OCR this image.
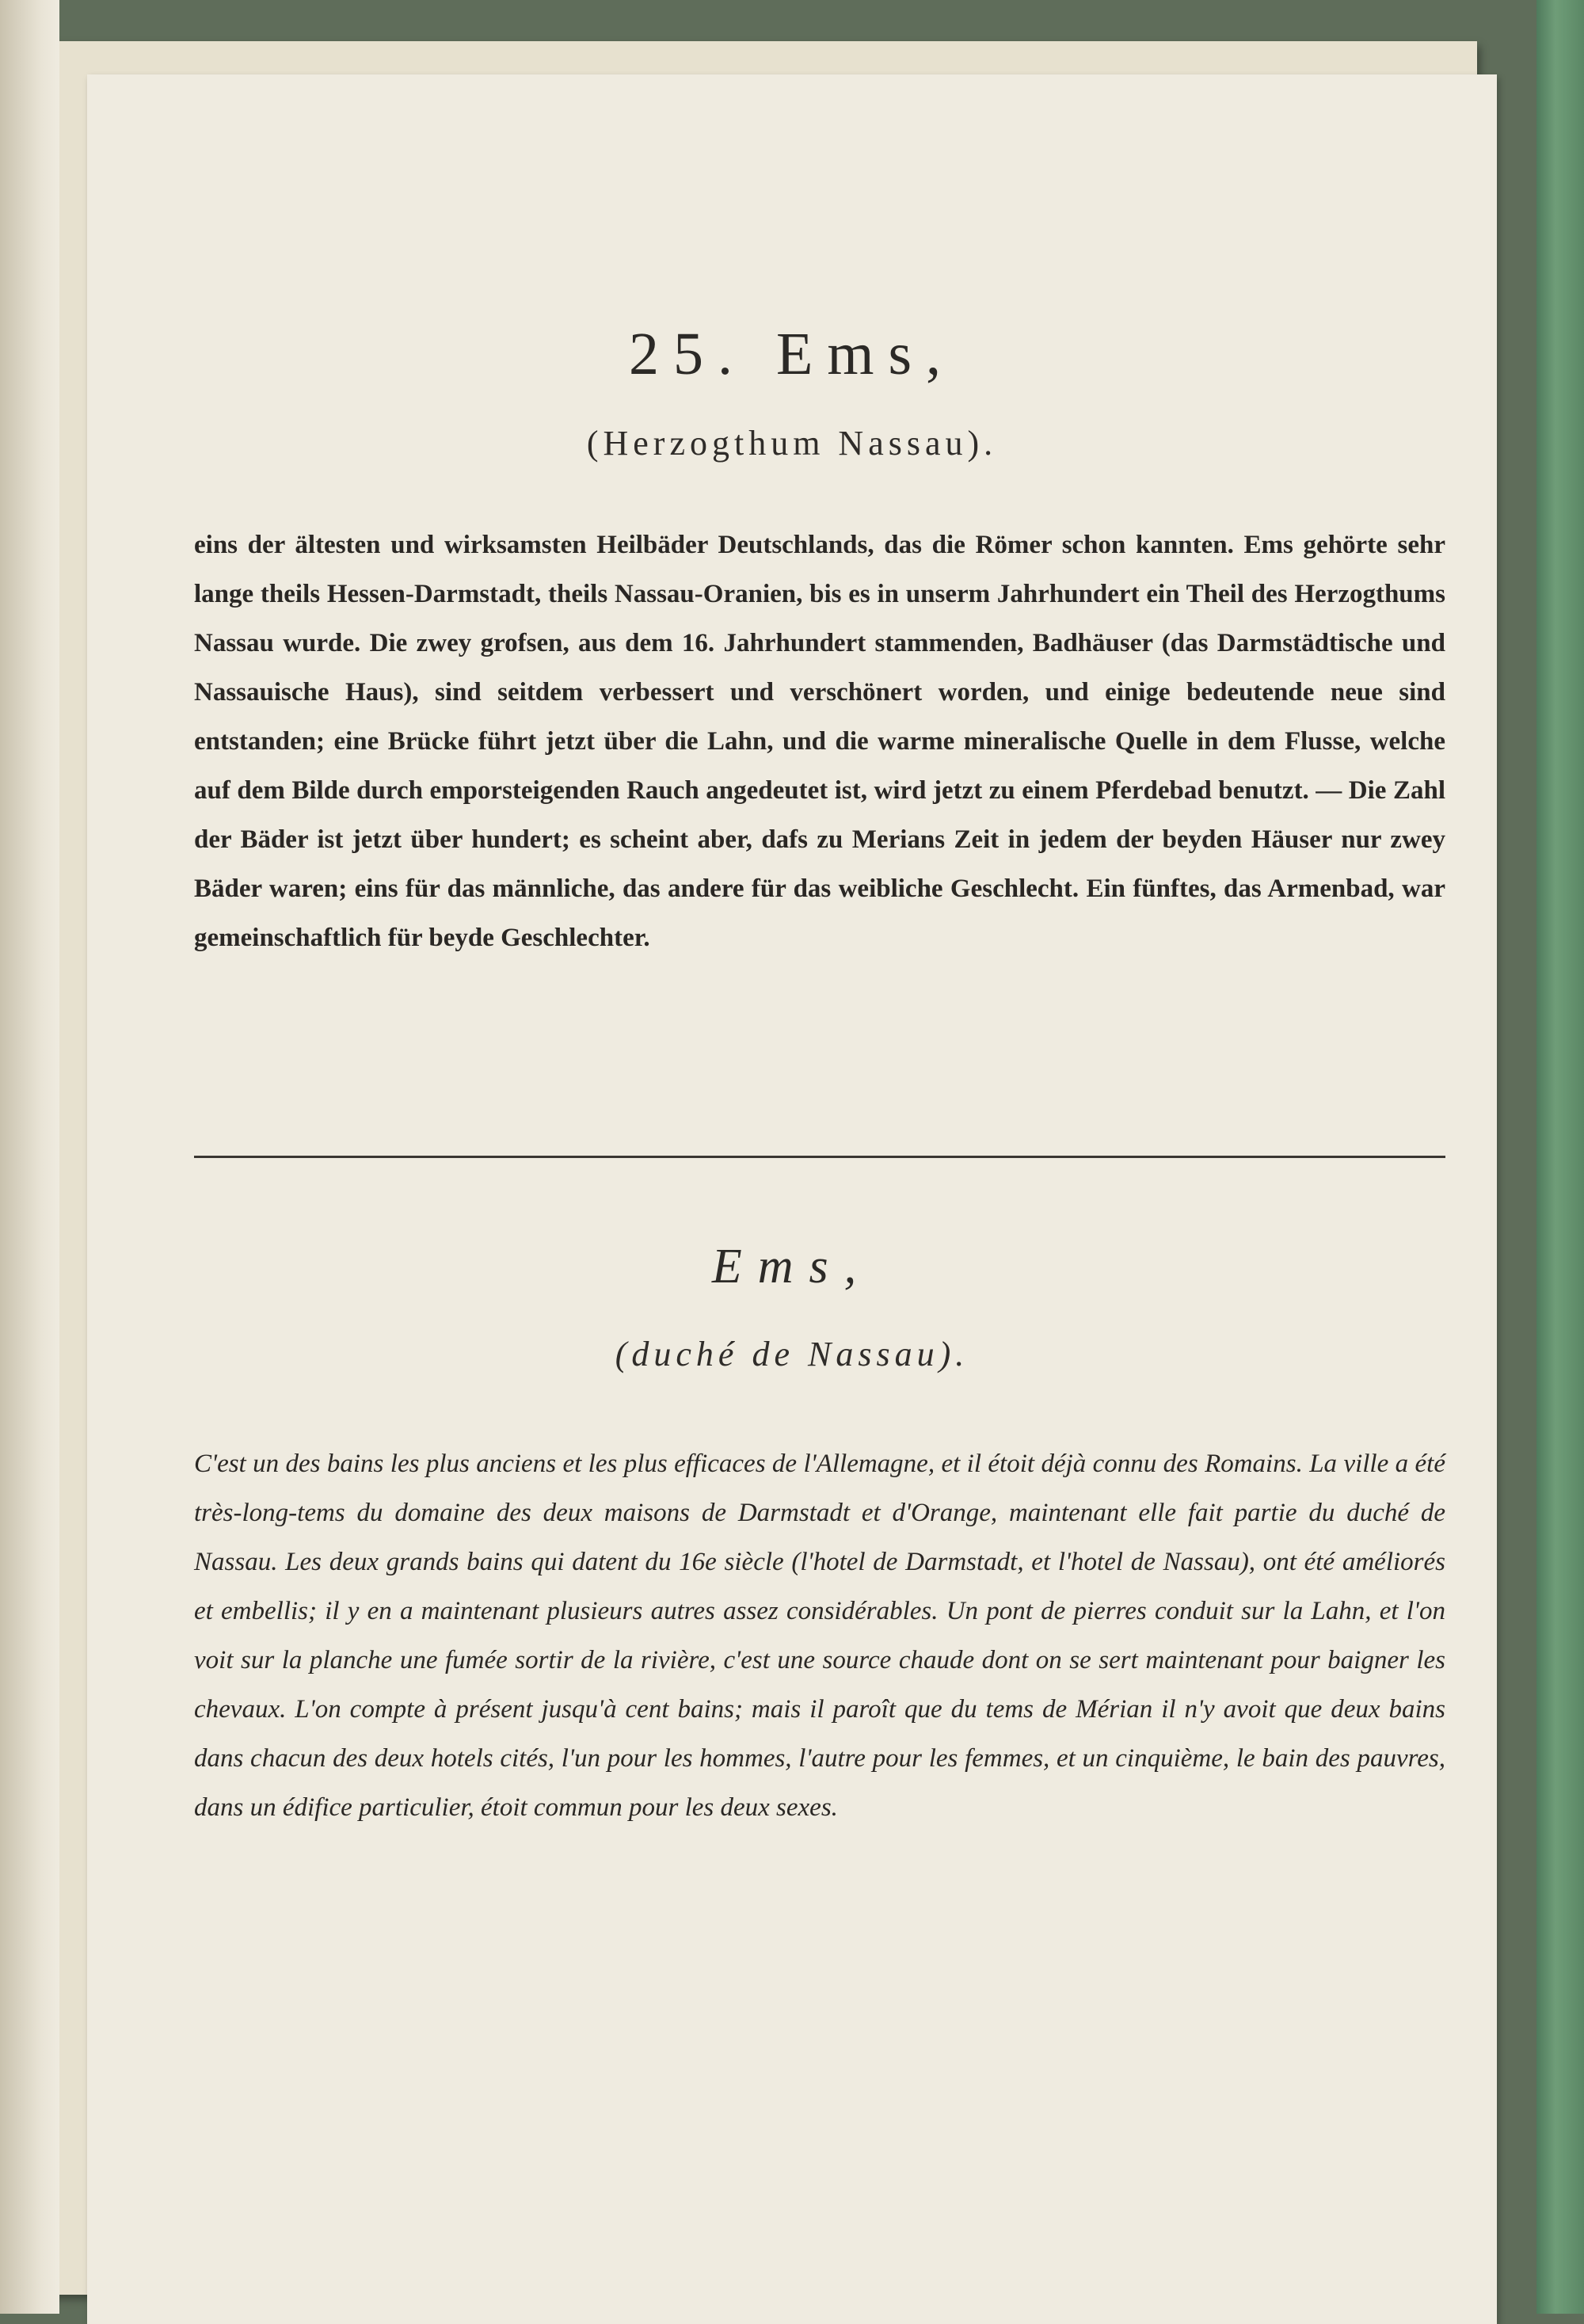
25. Ems,
(Herzogthum Nassau).

eins der ältesten und wirksamsten Heilbäder Deutschlands, das die Römer schon kannten. Ems gehörte sehr lange theils Hessen-Darmstadt, theils Nassau-Oranien, bis es in unserm Jahrhundert ein Theil des Herzogthums Nassau wurde. Die zwey grofsen, aus dem 16. Jahrhundert stammenden, Badhäuser (das Darmstädtische und Nassauische Haus), sind seitdem verbessert und verschönert worden, und einige bedeutende neue sind entstanden; eine Brücke führt jetzt über die Lahn, und die warme mineralische Quelle in dem Flusse, welche auf dem Bilde durch emporsteigenden Rauch angedeutet ist, wird jetzt zu einem Pferdebad benutzt. — Die Zahl der Bäder ist jetzt über hundert; es scheint aber, dafs zu Merians Zeit in jedem der beyden Häuser nur zwey Bäder waren; eins für das männliche, das andere für das weibliche Geschlecht. Ein fünftes, das Armenbad, war gemeinschaftlich für beyde Geschlechter.

Ems,
(duché de Nassau).

C'est un des bains les plus anciens et les plus efficaces de l'Allemagne, et il étoit déjà connu des Romains. La ville a été très-long-tems du domaine des deux maisons de Darmstadt et d'Orange, maintenant elle fait partie du duché de Nassau. Les deux grands bains qui datent du 16e siècle (l'hotel de Darmstadt, et l'hotel de Nassau), ont été améliorés et embellis; il y en a maintenant plusieurs autres assez considérables. Un pont de pierres conduit sur la Lahn, et l'on voit sur la planche une fumée sortir de la rivière, c'est une source chaude dont on se sert maintenant pour baigner les chevaux. L'on compte à présent jusqu'à cent bains; mais il paroît que du tems de Mérian il n'y avoit que deux bains dans chacun des deux hotels cités, l'un pour les hommes, l'autre pour les femmes, et un cinquième, le bain des pauvres, dans un édifice particulier, étoit commun pour les deux sexes.
